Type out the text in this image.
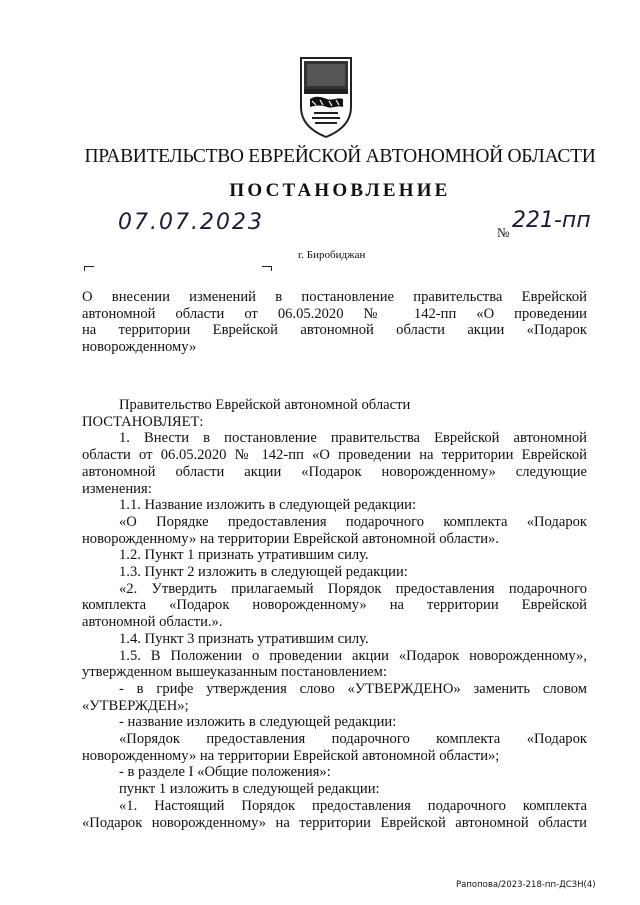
ПРАВИТЕЛЬСТВО ЕВРЕЙСКОЙ АВТОНОМНОЙ ОБЛАСТИ
ПОСТАНОВЛЕНИЕ
07.07.2023	№ 221-пп
г. Биробиджан

О внесении изменений в постановление правительства Еврейской

автономной области от 06.05.2020 № 142-пп «О проведении

на территории Еврейской автономной области акции «Подарок

новорожденному»

Правительство Еврейской автономной области

ПОСТАНОВЛЯЕТ:

1. Внести в постановление правительства Еврейской автономной

области от 06.05.2020 № 142-пп «О проведении на территории Еврейской

автономной области акции «Подарок новорожденному» следующие

изменения:

1.1. Название изложить в следующей редакции:

«О Порядке предоставления подарочного комплекта «Подарок

новорожденному» на территории Еврейской автономной области».

1.2. Пункт 1 признать утратившим силу.

1.3. Пункт 2 изложить в следующей редакции:

«2. Утвердить прилагаемый Порядок предоставления подарочного

комплекта «Подарок новорожденному» на территории Еврейской

автономной области.».

1.4. Пункт 3 признать утратившим силу.

1.5. В Положении о проведении акции «Подарок новорожденному»,

утвержденном вышеуказанным постановлением:

- в грифе утверждения слово «УТВЕРЖДЕНО» заменить словом

«УТВЕРЖДЕН»;

- название изложить в следующей редакции:

«Порядок предоставления подарочного комплекта «Подарок

новорожденному» на территории Еврейской автономной области»;

- в разделе I «Общие положения»:

пункт 1 изложить в следующей редакции:

«1. Настоящий Порядок предоставления подарочного комплекта

«Подарок новорожденному» на территории Еврейской автономной области

Рапопова/2023-218-пп-ДСЗН(4)
